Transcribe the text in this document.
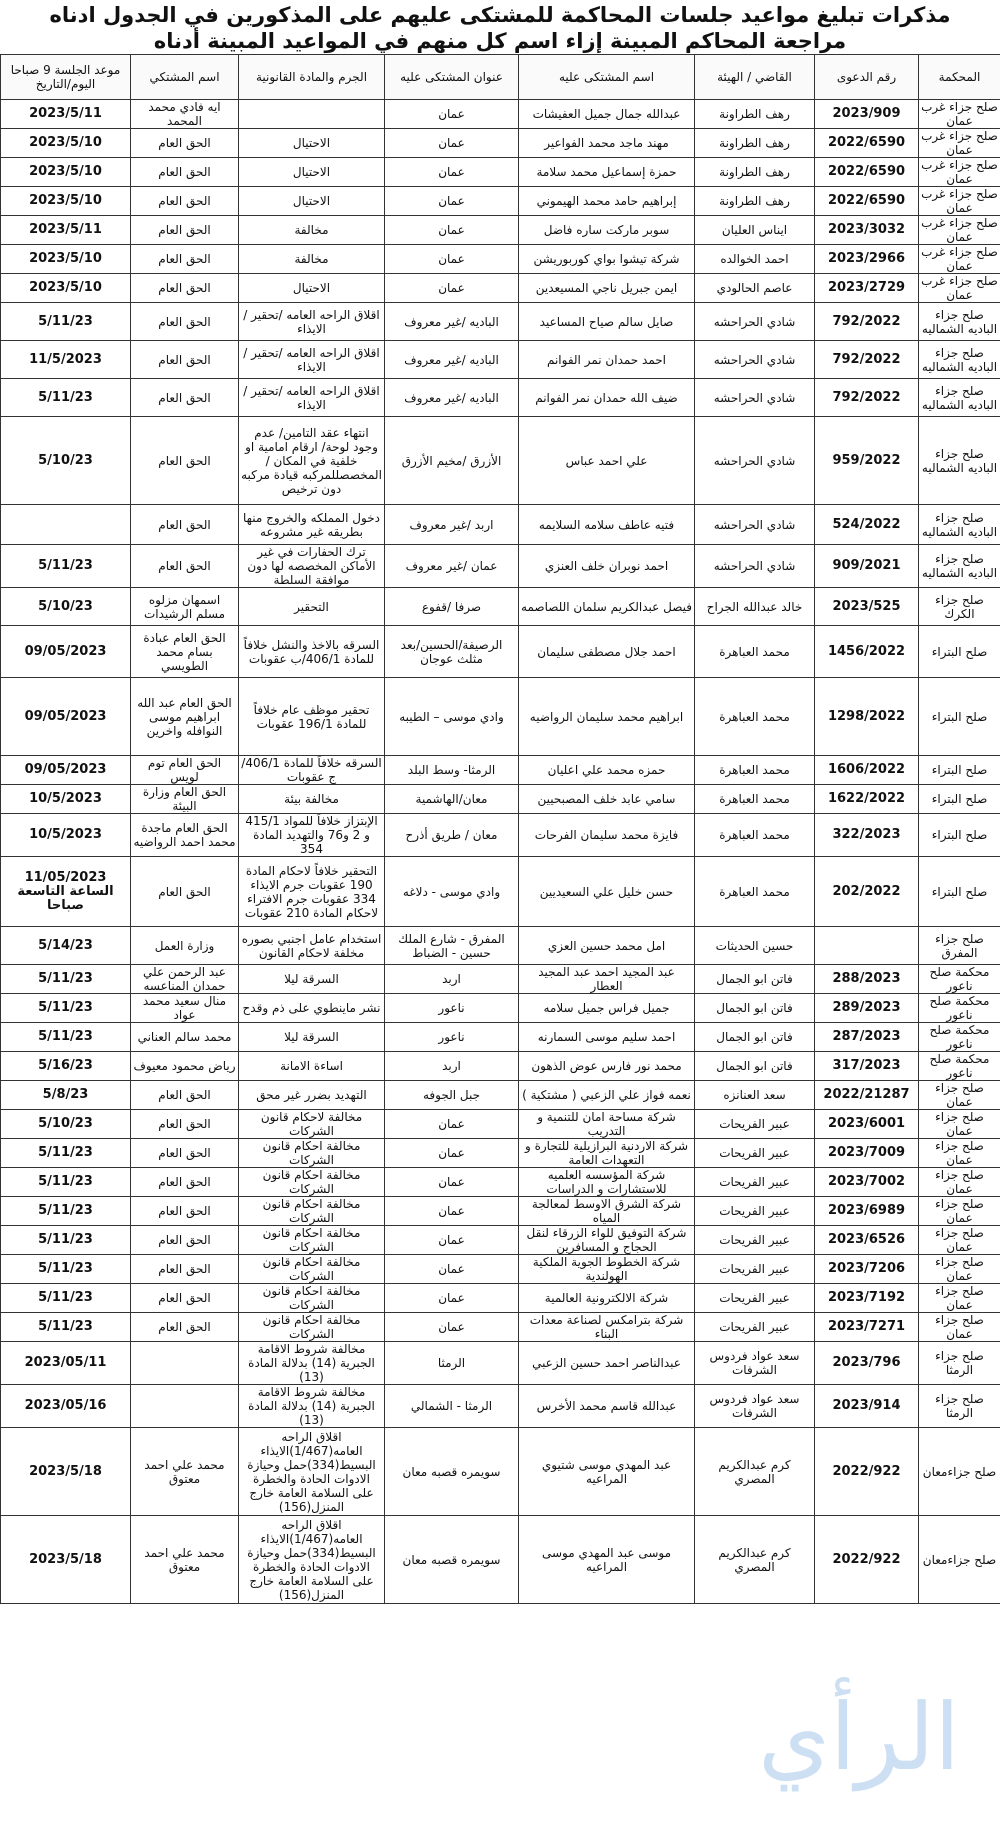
مذكرات تبليغ مواعيد جلسات المحاكمة للمشتكى عليهم على المذكورين في الجدول ادناه مراجعة المحاكم المبينة إزاء اسم كل منهم في المواعيد المبينة أدناه
المحكمة	رقم الدعوى	القاضي / الهيئة	اسم المشتكى عليه	عنوان المشتكى عليه	الجرم والمادة القانونية	اسم المشتكي	موعد الجلسة 9 صباحا اليوم/التاريخ
صلح جزاء غرب عمان	2023/909	رهف الطراونة	عبدالله جمال جميل العفيشات	عمان		ايه فادي محمد المحمد	2023/5/11
صلح جزاء غرب عمان	2022/6590	رهف الطراونة	مهند ماجد محمد الفواعير	عمان	الاحتيال	الحق العام	2023/5/10
صلح جزاء غرب عمان	2022/6590	رهف الطراونة	حمزة إسماعيل محمد سلامة	عمان	الاحتيال	الحق العام	2023/5/10
صلح جزاء غرب عمان	2022/6590	رهف الطراونة	إبراهيم حامد محمد الهيموني	عمان	الاحتيال	الحق العام	2023/5/10
صلح جزاء غرب عمان	2023/3032	ايناس العليان	سوبر ماركت ساره فاضل	عمان	مخالفة	الحق العام	2023/5/11
صلح جزاء غرب عمان	2023/2966	احمد الخوالده	شركة تيشوا بواي كوربوريشن	عمان	مخالفة	الحق العام	2023/5/10
صلح جزاء غرب عمان	2023/2729	عاصم الحالودي	ايمن جبريل ناجي المسيعدين	عمان	الاحتيال	الحق العام	2023/5/10
صلح جزاء الباديه الشماليه	792/2022	شادي الحراحشه	صايل سالم صياح المساعيد	الباديه /غير معروف	اقلاق الراحه العامه /تحقير /الايذاء	الحق العام	5/11/23
صلح جزاء الباديه الشماليه	792/2022	شادي الحراحشه	احمد حمدان نمر الفوانم	الباديه /غير معروف	اقلاق الراحه العامه /تحقير /الايذاء	الحق العام	11/5/2023
صلح جزاء الباديه الشماليه	792/2022	شادي الحراحشه	ضيف الله حمدان نمر الفوانم	الباديه /غير معروف	اقلاق الراحه العامه /تحقير /الايذاء	الحق العام	5/11/23
صلح جزاء الباديه الشماليه	959/2022	شادي الحراحشه	علي احمد عباس	الأزرق /مخيم الأزرق	انتهاء عقد التامين/ عدم وجود لوحة/ ارقام امامية او خلفية في المكان / المخصصللمركبه قيادة مركبه دون ترخيص	الحق العام	5/10/23
صلح جزاء الباديه الشماليه	524/2022	شادي الحراحشه	فتيه عاطف سلامه السلايمه	اربد /غير معروف	دخول المملكه والخروج منها بطريقه غير مشروعه	الحق العام	
صلح جزاء الباديه الشماليه	909/2021	شادي الحراحشه	احمد نوبران خلف العنزي	عمان /غير معروف	ترك الحفارات في غير الأماكن المخصصه لها دون موافقة السلطة	الحق العام	5/11/23
صلح جزاء الكرك	2023/525	خالد عبدالله الجراح	فيصل عبدالكريم سلمان اللصاصمه	صرفا /قفوع	التحقير	اسمهان مزلوه مسلم الرشيدات	5/10/23
صلح البتراء	1456/2022	محمد العباهرة	احمد جلال مصطفى سليمان	الرصيفة/الحسين/بعد مثلث عوجان	السرقه بالاخذ والنشل خلافاً للمادة 406/1/ب عقوبات	الحق العام عبادة بسام محمد الطويسي	09/05/2023
صلح البتراء	1298/2022	محمد العباهرة	ابراهيم محمد سليمان الرواضيه	وادي موسى – الطيبه	تحقير موظف عام خلافاً للمادة 196/1 عقوبات	الحق العام عبد الله ابراهيم موسى النوافله واخرين	09/05/2023
صلح البتراء	1606/2022	محمد العباهرة	حمزه محمد علي اعليان	الرمثا- وسط البلد	السرقه خلافاً للمادة 406/1/ج عقوبات	الحق العام توم لويس	09/05/2023
صلح البتراء	1622/2022	محمد العباهرة	سامي عابد خلف المصبحيين	معان/الهاشمية	مخالفة بيئة	الحق العام وزارة البيئة	10/5/2023
صلح البتراء	322/2023	محمد العباهرة	فايزة محمد سليمان الفرحات	معان / طريق أذرح	الإبتزاز خلافاً للمواد 415/1 و 2 و76 والتهديد المادة 354	الحق العام ماجدة محمد احمد الرواضيه	10/5/2023
صلح البتراء	202/2022	محمد العباهرة	حسن خليل علي السعيديين	وادي موسى - دلاغه	التحقير خلافاً لاحكام المادة 190 عقوبات جرم الايذاء 334 عقوبات جرم الافتراء لاحكام المادة 210 عقوبات	الحق العام	11/05/2023 الساعة التاسعة صباحا
صلح جزاء المفرق		حسين الحديثات	امل محمد حسين العزي	المفرق - شارع الملك حسين - الضباط	استخدام عامل اجنبي بصوره مخلفة لاحكام القانون	وزارة العمل	5/14/23
محكمة صلح ناعور	288/2023	فاتن ابو الجمال	عبد المجيد احمد عبد المجيد العطار	اربد	السرقة ليلا	عبد الرحمن علي حمدان المناعسه	5/11/23
محكمة صلح ناعور	289/2023	فاتن ابو الجمال	جميل فراس جميل سلامه	ناعور	نشر ماينطوي على ذم وقدح	منال سعيد محمد عواد	5/11/23
محكمة صلح ناعور	287/2023	فاتن ابو الجمال	احمد سليم موسى السمارنه	ناعور	السرقة ليلا	محمد سالم العناني	5/11/23
محكمة صلح ناعور	317/2023	فاتن ابو الجمال	محمد نور فارس عوض الذهون	اربد	اساءة الامانة	رياض محمود معيوف	5/16/23
صلح جزاء عمان	2022/21287	سعد العنانزه	نعمه فواز علي الزعبي ( مشتكية )	جبل الجوفه	التهديد بضرر غير محق	الحق العام	5/8/23
صلح جزاء عمان	2023/6001	عبير الفريحات	شركة مساحة امان للتنمية و التدريب	عمان	مخالفة لاحكام قانون الشركات	الحق العام	5/10/23
صلح جزاء عمان	2023/7009	عبير الفريحات	شركة الاردنية البرازيلية للتجارة و التعهدات العامة	عمان	مخالفة احكام قانون الشركات	الحق العام	5/11/23
صلح جزاء عمان	2023/7002	عبير الفريحات	شركة المؤسسه العلميه للاستشارات و الدراسات	عمان	مخالفة احكام قانون الشركات	الحق العام	5/11/23
صلح جزاء عمان	2023/6989	عبير الفريحات	شركة الشرق الاوسط لمعالجة المياه	عمان	مخالفة احكام قانون الشركات	الحق العام	5/11/23
صلح جزاء عمان	2023/6526	عبير الفريحات	شركة التوفيق للواء الزرقاء لنقل الحجاج و المسافرين	عمان	مخالفة احكام قانون الشركات	الحق العام	5/11/23
صلح جزاء عمان	2023/7206	عبير الفريحات	شركة الخطوط الجوية الملكية الهولندية	عمان	مخالفة احكام قانون الشركات	الحق العام	5/11/23
صلح جزاء عمان	2023/7192	عبير الفريحات	شركة الالكترونية العالمية	عمان	مخالفة احكام قانون الشركات	الحق العام	5/11/23
صلح جزاء عمان	2023/7271	عبير الفريحات	شركة بترامكس لصناعة معدات البناء	عمان	مخالفة احكام قانون الشركات	الحق العام	5/11/23
صلح جزاء الرمثا	2023/796	سعد عواد فردوس الشرفات	عبدالناصر احمد حسين الزعبي	الرمثا	مخالفة شروط الاقامة الجبرية (14) بدلالة المادة (13)		2023/05/11
صلح جزاء الرمثا	2023/914	سعد عواد فردوس الشرفات	عبدالله قاسم محمد الأخرس	الرمثا - الشمالي	مخالفة شروط الاقامة الجبرية (14) بدلالة المادة (13)		2023/05/16
صلح جزاءمعان	2022/922	كرم عبدالكريم المصري	عبد المهدي موسى شتيوي المراعيه	سويمره قصبه معان	اقلاق الراحه العامه(1/467)الايذاء البسيط(334)حمل وحيازة الادوات الحادة والخطرة على السلامة العامة خارج المنزل(156)	محمد علي احمد معتوق	2023/5/18
صلح جزاءمعان	2022/922	كرم عبدالكريم المصري	موسى عبد المهدي موسى المراعيه	سويمره قصبه معان	اقلاق الراحه العامه(1/467)الايذاء البسيط(334)حمل وحيازة الادوات الحادة والخطرة على السلامة العامة خارج المنزل(156)	محمد علي احمد معتوق	2023/5/18
الرأي
